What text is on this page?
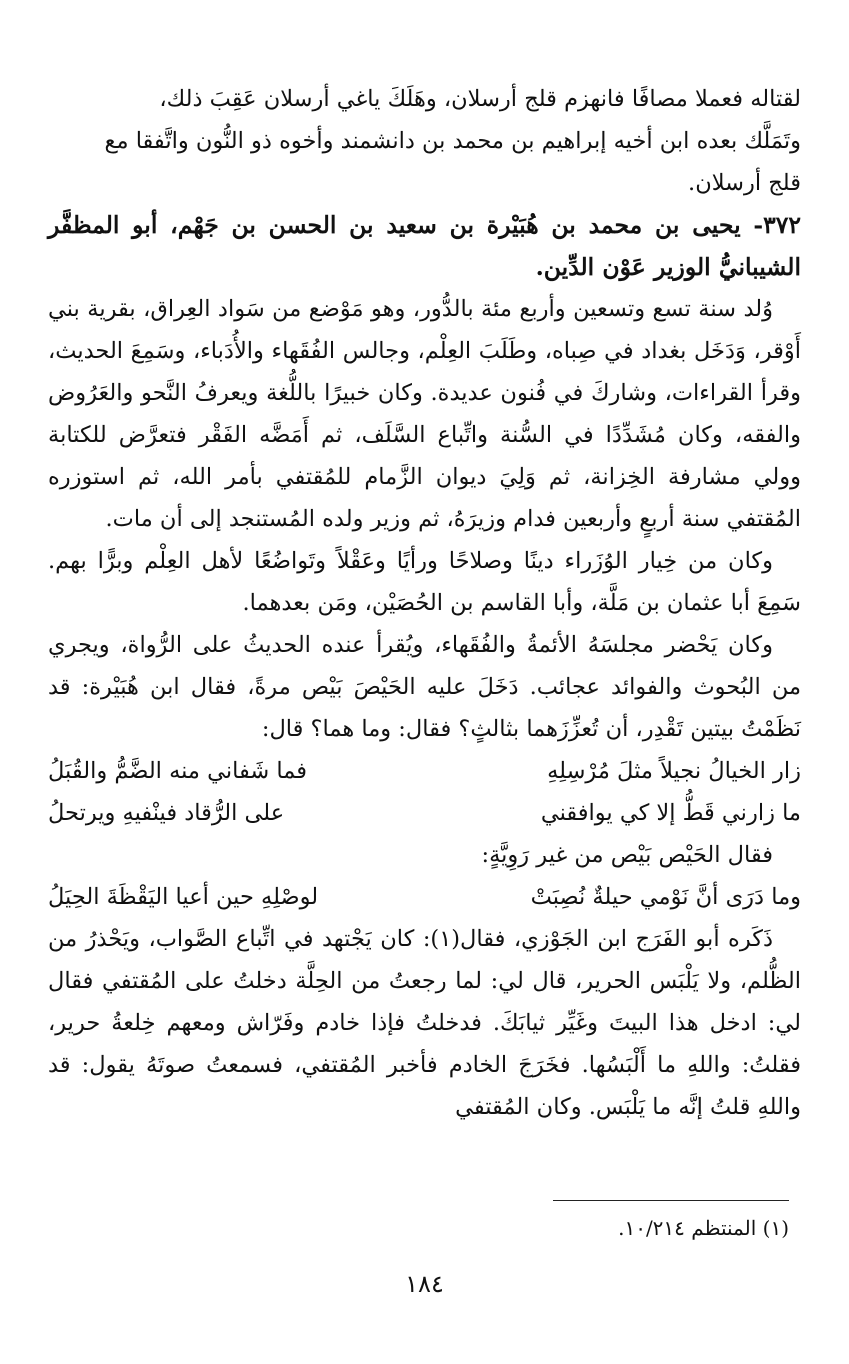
لقتاله فعملا مصافًا فانهزم قلج أرسلان، وهَلَكَ ياغي أرسلان عَقِبَ ذلك،

وتَمَلَّك بعده ابن أخيه إبراهيم بن محمد بن دانشمند وأخوه ذو النُّون واتَّفقا مع

قلج أرسلان.

٣٧٢- يحيى بن محمد بن هُبَيْرة بن سعيد بن الحسن بن جَهْم، أبو المظفَّر الشيبانيُّ الوزير عَوْن الدِّين.

وُلد سنة تسع وتسعين وأربع مئة بالدُّور، وهو مَوْضع من سَواد العِراق، بقرية بني أَوْقر، وَدَخَل بغداد في صِباه، وطَلَبَ العِلْم، وجالس الفُقَهاء والأُدَباء، وسَمِعَ الحديث، وقرأ القراءات، وشاركَ في فُنون عديدة. وكان خبيرًا باللُّغة ويعرفُ النَّحو والعَرُوض والفقه، وكان مُشَدِّدًا في السُّنة واتِّباع السَّلَف، ثم أَمَضَّه الفَقْر فتعرَّض للكتابة وولي مشارفة الخِزانة، ثم وَلِيَ ديوان الزَّمام للمُقتفي بأمر الله، ثم استوزره المُقتفي سنة أربعٍ وأربعين فدام وزيرَهُ، ثم وزير ولده المُستنجد إلى أن مات.

وكان من خِيار الوُزَراء دينًا وصلاحًا ورأيًا وعَقْلاً وتَواضُعًا لأهل العِلْم وبرًّا بهم. سَمِعَ أبا عثمان بن مَلَّة، وأبا القاسم بن الحُصَيْن، ومَن بعدهما.

وكان يَحْضر مجلسَهُ الأئمةُ والفُقَهاء، ويُقرأ عنده الحديثُ على الرُّواة، ويجري من البُحوث والفوائد عجائب. دَخَلَ عليه الحَيْصَ بَيْص مرةً، فقال ابن هُبَيْرة: قد نَظَمْتُ بيتين تَقْدِر، أن تُعزِّزَهما بثالثٍ؟ فقال: وما هما؟ قال:

زار الخيالُ نجيلاً مثلَ مُرْسِلِهِ
فما شَفاني منه الضَّمُّ والقُبَلُ
ما زارني قَطُّ إلا كي يوافقني
على الرُّقاد فينْفيهِ ويرتحلُ

فقال الحَيْص بَيْص من غير رَوِيَّةٍ:

وما دَرَى أنَّ نَوْمي حيلةٌ نُصِبَتْ
لوصْلِهِ حين أعيا اليَقْظَةَ الحِيَلُ

ذَكَره أبو الفَرَج ابن الجَوْزي، فقال(١): كان يَجْتهد في اتِّباع الصَّواب، ويَحْذرُ من الظُّلم، ولا يَلْبَس الحرير، قال لي: لما رجعتُ من الحِلَّة دخلتُ على المُقتفي فقال لي: ادخل هذا البيتَ وغَيِّر ثيابَكَ. فدخلتُ فإذا خادم وفَرّاش ومعهم خِلعةُ حرير، فقلتُ: واللهِ ما أَلْبَسُها. فخَرَجَ الخادم فأخبر المُقتفي، فسمعتُ صوتَهُ يقول: قد واللهِ قلتُ إنَّه ما يَلْبَس. وكان المُقتفي

(١) المنتظم ١٠/٢١٤.
١٨٤
